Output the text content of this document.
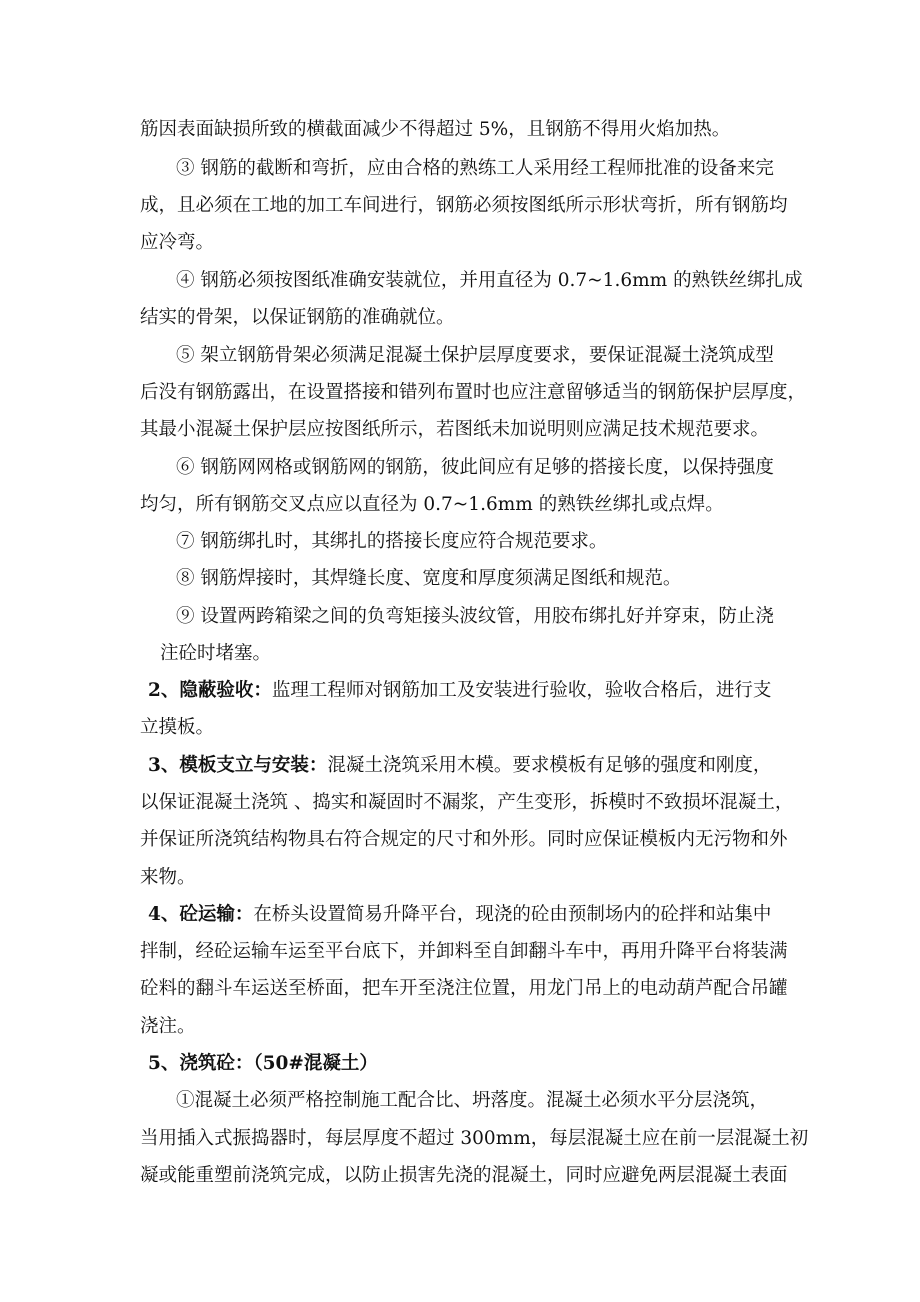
筋因表面缺损所致的横截面减少不得超过 5%，且钢筋不得用火焰加热。
③ 钢筋的截断和弯折，应由合格的熟练工人采用经工程师批准的设备来完
成，且必须在工地的加工车间进行，钢筋必须按图纸所示形状弯折，所有钢筋均
应冷弯。
④ 钢筋必须按图纸准确安装就位，并用直径为 0.7~1.6mm 的熟铁丝绑扎成
结实的骨架，以保证钢筋的准确就位。
⑤ 架立钢筋骨架必须满足混凝土保护层厚度要求，要保证混凝土浇筑成型
后没有钢筋露出，在设置搭接和错列布置时也应注意留够适当的钢筋保护层厚度，
其最小混凝土保护层应按图纸所示，若图纸未加说明则应满足技术规范要求。
⑥ 钢筋网网格或钢筋网的钢筋，彼此间应有足够的搭接长度，以保持强度
均匀，所有钢筋交叉点应以直径为 0.7~1.6mm 的熟铁丝绑扎或点焊。
⑦ 钢筋绑扎时，其绑扎的搭接长度应符合规范要求。
⑧ 钢筋焊接时，其焊缝长度、宽度和厚度须满足图纸和规范。
⑨ 设置两跨箱梁之间的负弯矩接头波纹管，用胶布绑扎好并穿束，防止浇
注砼时堵塞。
2、隐蔽验收：监理工程师对钢筋加工及安装进行验收，验收合格后，进行支
立摸板。
3、模板支立与安装：混凝土浇筑采用木模。要求模板有足够的强度和刚度，
以保证混凝土浇筑 、捣实和凝固时不漏浆，产生变形，拆模时不致损坏混凝土，
并保证所浇筑结构物具右符合规定的尺寸和外形。同时应保证模板内无污物和外
来物。
4、砼运输：在桥头设置简易升降平台，现浇的砼由预制场内的砼拌和站集中
拌制，经砼运输车运至平台底下，并卸料至自卸翻斗车中，再用升降平台将装满
砼料的翻斗车运送至桥面，把车开至浇注位置，用龙门吊上的电动葫芦配合吊罐
浇注。
5、浇筑砼：（50#混凝土）
①混凝土必须严格控制施工配合比、坍落度。混凝土必须水平分层浇筑，
当用插入式振捣器时，每层厚度不超过 300mm，每层混凝土应在前一层混凝土初
凝或能重塑前浇筑完成，以防止损害先浇的混凝土，同时应避免两层混凝土表面
